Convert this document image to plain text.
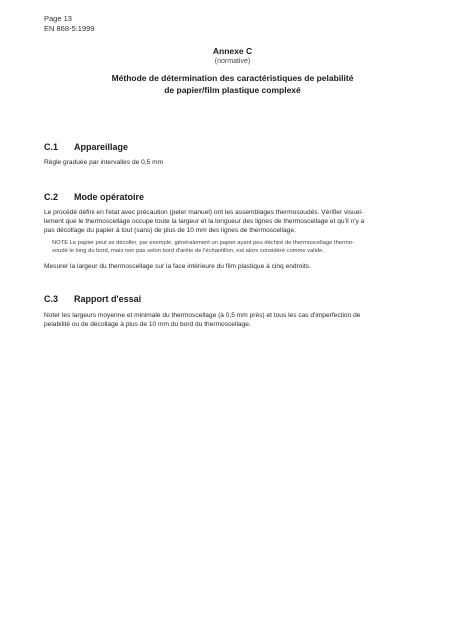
Page 13
EN 868-5:1999
Annexe C
(normative)
Méthode de détermination des caractéristiques de pelabilité
de papier/film plastique complexé
C.1 Appareillage
Règle graduée par intervalles de 0,5 mm
C.2 Mode opératoire
Le procédé défini en l'etat avec précaution (peler manuel) ont les assemblages thermosoudés. Vérifier visuel-
lement que le thermoscellage occupe toute la largeur et la longueur des lignes de thermoscellage et qu'il n'y a
pas décollage du papier à tout (sans) de plus de 10 mm des lignes de thermoscellage.
NOTE Le papier peut se décoller, par exemple, généralement un papier ayant peu déchiré de thermoscellage thermo-
soudé le long du bord, mais non pas selon bord d'arête de l'échantillon, est alors considéré comme valide.
Mesurer la largeur du thermoscellage sur la face intérieure du film plastique à cinq endroits.
C.3 Rapport d'essai
Noter les largeurs moyenne et minimale du thermoscellage (à 0,5 mm près) et tous les cas d'imperfection de
pelabilité ou de décollage à plus de 10 mm du bord du thermoscellage.
